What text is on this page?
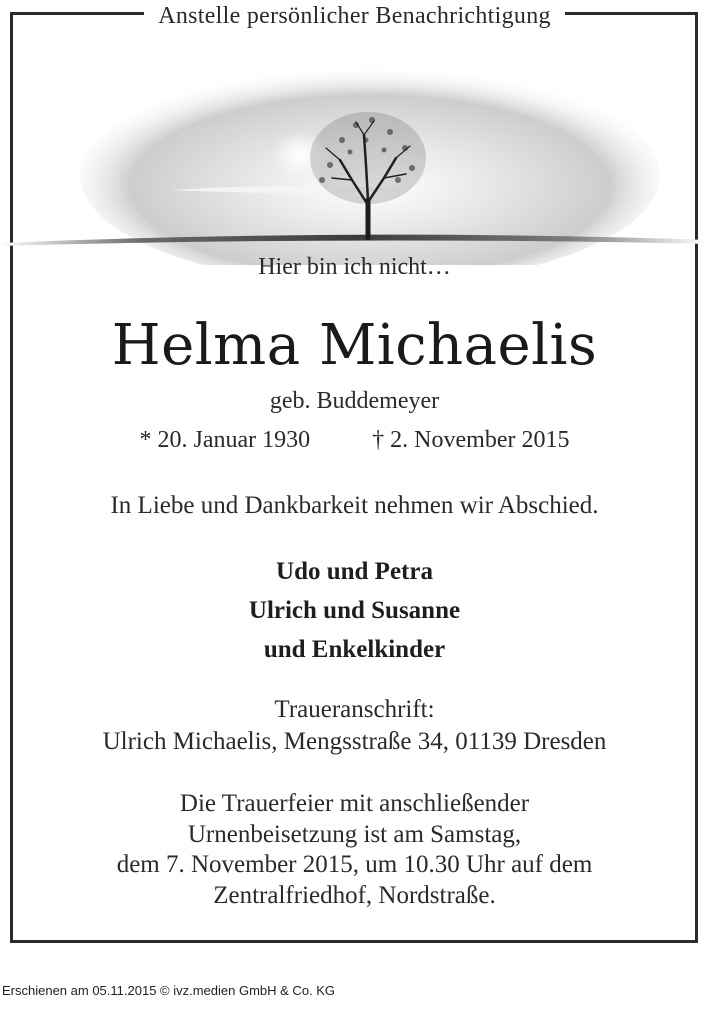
Anstelle persönlicher Benachrichtigung
Hier bin ich nicht…
Helma Michaelis
geb. Buddemeyer
* 20. Januar 1930	† 2. November 2015
In Liebe und Dankbarkeit nehmen wir Abschied.
Udo und Petra
Ulrich und Susanne
und Enkelkinder
Traueranschrift:
Ulrich Michaelis, Mengsstraße 34, 01139 Dresden
Die Trauerfeier mit anschließender
Urnenbeisetzung ist am Samstag,
dem 7. November 2015, um 10.30 Uhr auf dem
Zentralfriedhof, Nordstraße.
Erschienen am 05.11.2015 © ivz.medien GmbH & Co. KG
